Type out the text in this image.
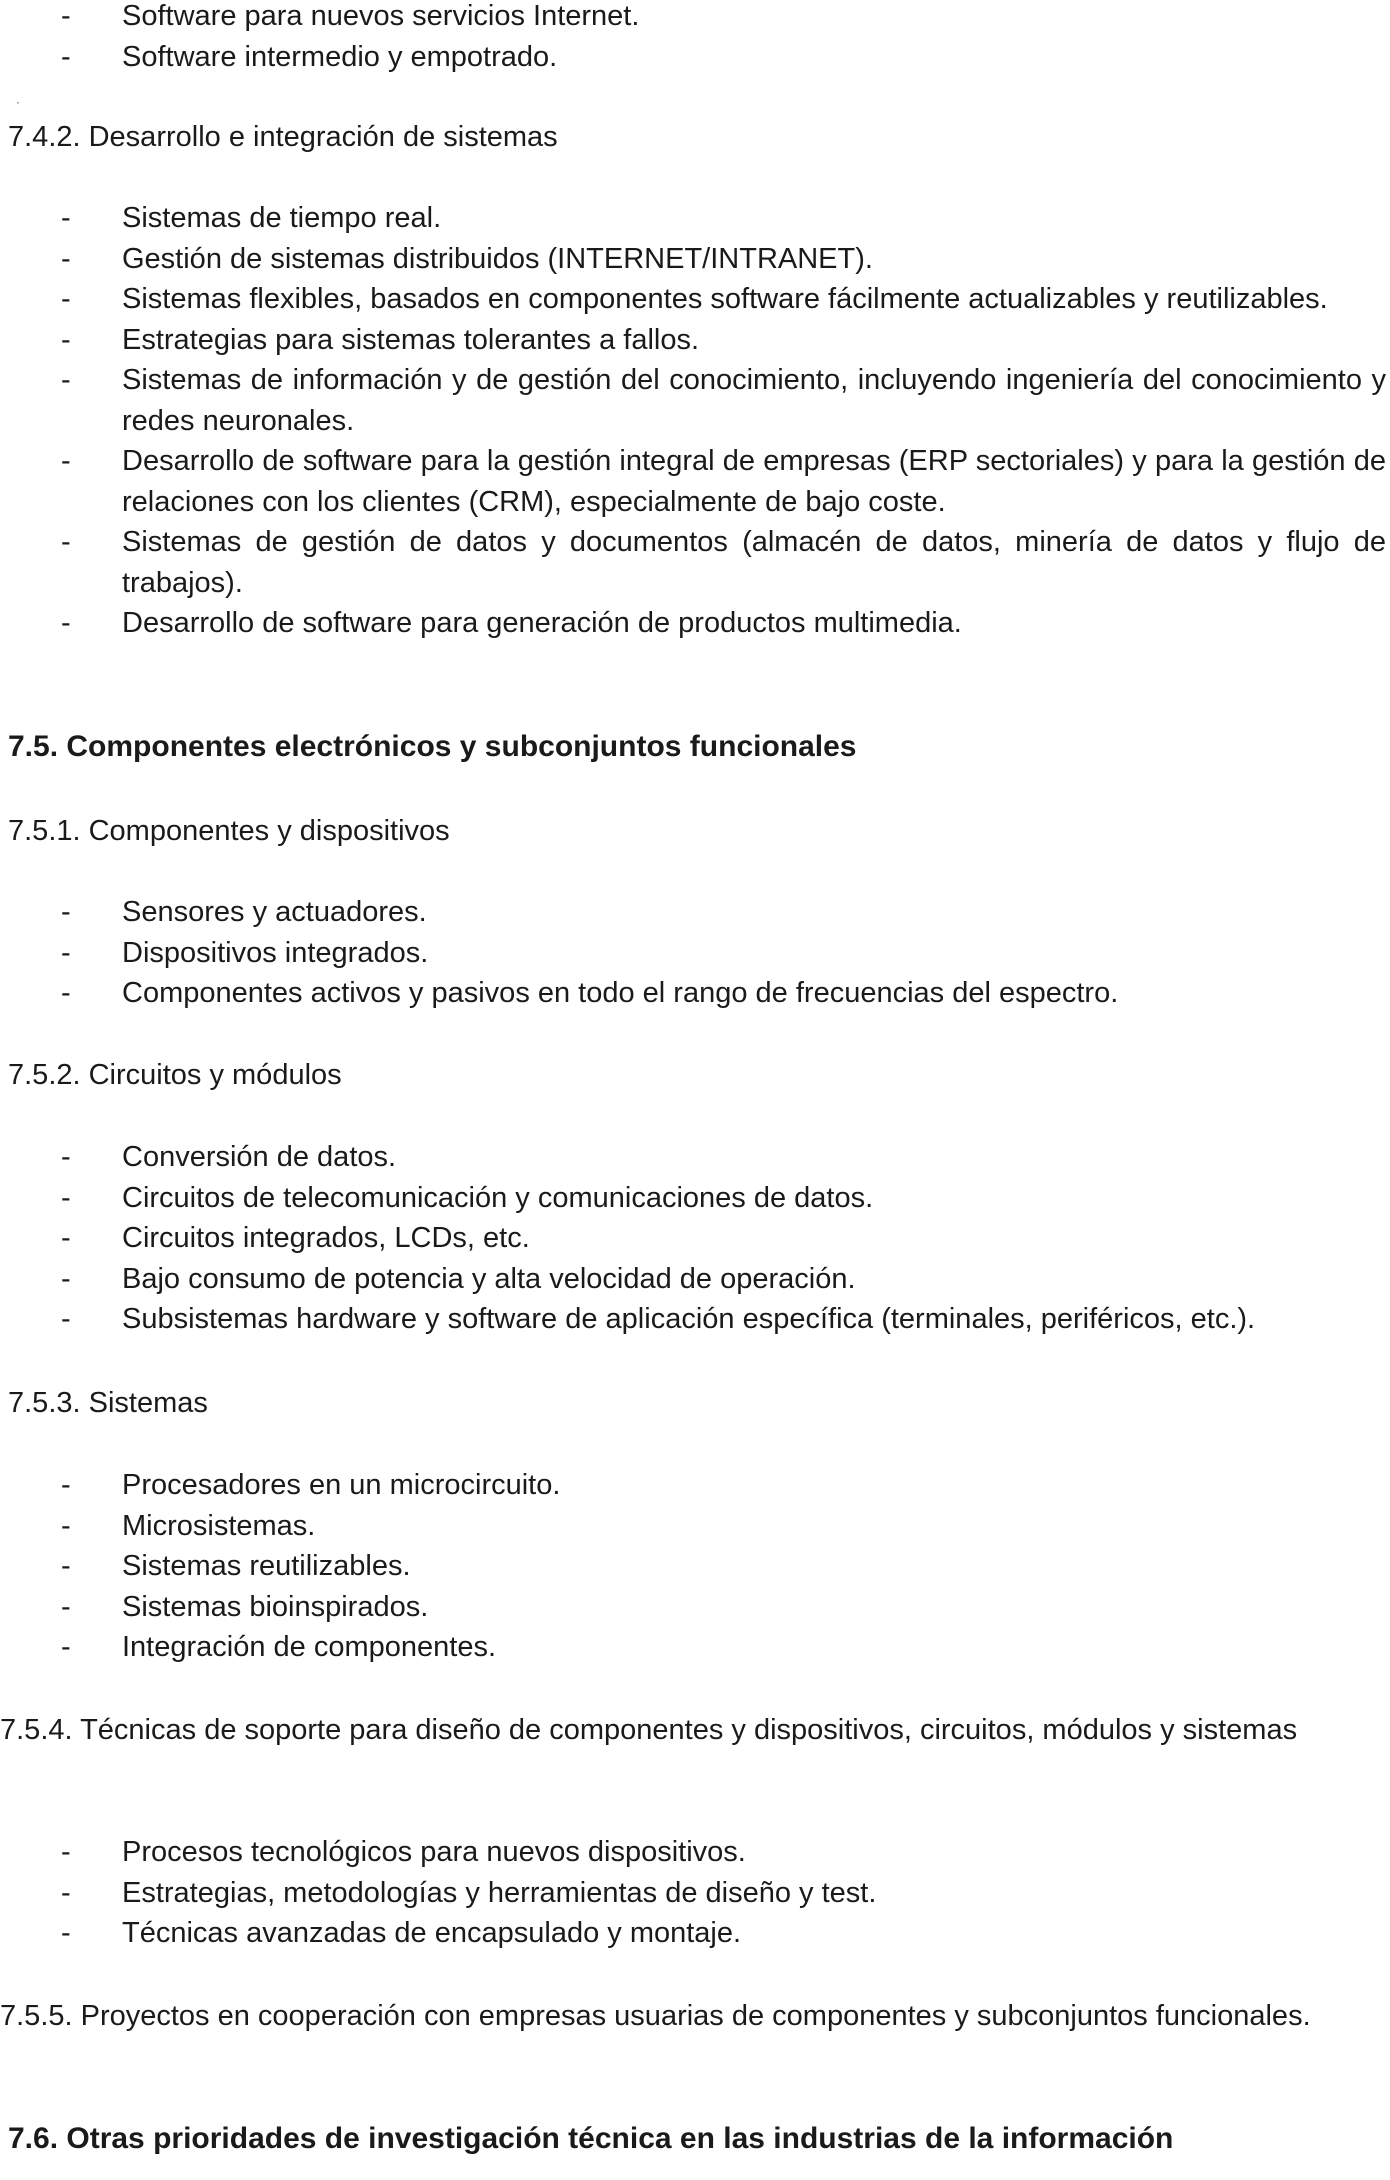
- Software para nuevos servicios Internet.
- Software intermedio y empotrado.
·

7.4.2. Desarrollo e integración de sistemas

- Sistemas de tiempo real.
- Gestión de sistemas distribuidos (INTERNET/INTRANET).
- Sistemas flexibles, basados en componentes software fácilmente actualizables y reutilizables.
- Estrategias para sistemas tolerantes a fallos.
- Sistemas de información y de gestión del conocimiento, incluyendo ingeniería del conocimiento y redes neuronales.
- Desarrollo de software para la gestión integral de empresas (ERP sectoriales) y para la gestión de relaciones con los clientes (CRM), especialmente de bajo coste.
- Sistemas de gestión de datos y documentos (almacén de datos, minería de datos y flujo de trabajos).
- Desarrollo de software para generación de productos multimedia.

7.5. Componentes electrónicos y subconjuntos funcionales

7.5.1. Componentes y dispositivos

- Sensores y actuadores.
- Dispositivos integrados.
- Componentes activos y pasivos en todo el rango de frecuencias del espectro.

7.5.2. Circuitos y módulos

- Conversión de datos.
- Circuitos de telecomunicación y comunicaciones de datos.
- Circuitos integrados, LCDs, etc.
- Bajo consumo de potencia y alta velocidad de operación.
- Subsistemas hardware y software de aplicación específica (terminales, periféricos, etc.).

7.5.3. Sistemas

- Procesadores en un microcircuito.
- Microsistemas.
- Sistemas reutilizables.
- Sistemas bioinspirados.
- Integración de componentes.

7.5.4. Técnicas de soporte para diseño de componentes y dispositivos, circuitos, módulos y sistemas

- Procesos tecnológicos para nuevos dispositivos.
- Estrategias, metodologías y herramientas de diseño y test.
- Técnicas avanzadas de encapsulado y montaje.

7.5.5. Proyectos en cooperación con empresas usuarias de componentes y subconjuntos funcionales.

7.6. Otras prioridades de investigación técnica en las industrias de la información
